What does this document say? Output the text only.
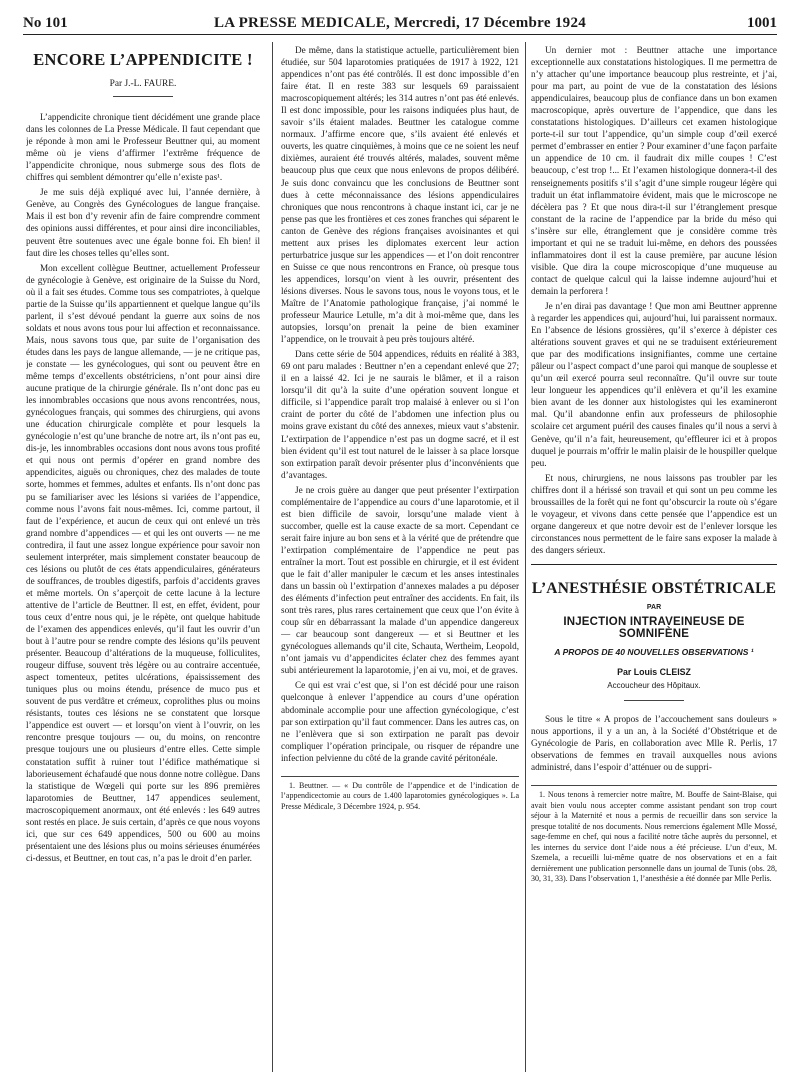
No 101	LA PRESSE MEDICALE, Mercredi, 17 Décembre 1924	1001

ENCORE L’APPENDICITE !

Par J.-L. FAURE.

L’appendicite chronique tient décidément une grande place dans les colonnes de La Presse Médicale. Il faut cependant que je réponde à mon ami le Professeur Beuttner qui, au moment même où je viens d’affirmer l’extrême fréquence de l’appendicite chronique, nous submerge sous des flots de chiffres qui semblent démontrer qu’elle n’existe pas¹.

Je me suis déjà expliqué avec lui, l’année dernière, à Genève, au Congrès des Gynécologues de langue française. Mais il est bon d’y revenir afin de faire comprendre comment des opinions aussi différentes, et pour ainsi dire inconciliables, peuvent être soutenues avec une égale bonne foi. Eh bien! il faut dire les choses telles qu’elles sont.

Mon excellent collègue Beuttner, actuellement Professeur de gynécologie à Genève, est originaire de la Suisse du Nord, où il a fait ses études. Comme tous ses compatriotes, à quelque partie de la Suisse qu’ils appartiennent et quelque langue qu’ils parlent, il s’est dévoué pendant la guerre aux soins de nos soldats et nous avons tous pour lui affection et reconnaissance. Mais, nous savons tous que, par suite de l’organisation des études dans les pays de langue allemande, — je ne critique pas, je constate — les gynécologues, qui sont ou peuvent être en même temps d’excellents obstétriciens, n’ont pour ainsi dire aucune pratique de la chirurgie générale. Ils n’ont donc pas eu les innombrables occasions que nous avons rencontrées, nous, gynécologues français, qui sommes des chirurgiens, qui avons une éducation chirurgicale complète et pour lesquels la gynécologie n’est qu’une branche de notre art, ils n’ont pas eu, dis-je, les innombrables occasions dont nous avons tous profité et qui nous ont permis d’opérer en grand nombre des appendicites, aiguës ou chroniques, chez des malades de toute sorte, hommes et femmes, adultes et enfants. Ils n’ont donc pas pu se familiariser avec les lésions si variées de l’appendice, comme nous l’avons fait nous-mêmes. Ici, comme partout, il faut de l’expérience, et aucun de ceux qui ont enlevé un très grand nombre d’appendices — et qui les ont ouverts — ne me contredira, il faut une assez longue expérience pour savoir non seulement interpréter, mais simplement constater beaucoup de ces lésions ou plutôt de ces états appendiculaires, générateurs de souffrances, de troubles digestifs, parfois d’accidents graves et même mortels. On s’aperçoit de cette lacune à la lecture attentive de l’article de Beuttner. Il est, en effet, évident, pour tous ceux d’entre nous qui, je le répète, ont quelque habitude de l’examen des appendices enlevés, qu’il faut les ouvrir d’un bout à l’autre pour se rendre compte des lésions qu’ils peuvent présenter. Beaucoup d’altérations de la muqueuse, folliculites, rougeur diffuse, souvent très légère ou au contraire accentuée, aspect tomenteux, petites ulcérations, épaississement des tuniques plus ou moins étendu, présence de muco pus et souvent de pus verdâtre et crémeux, coprolithes plus ou moins résistants, toutes ces lésions ne se constatent que lorsque l’appendice est ouvert — et lorsqu’on vient à l’ouvrir, on les rencontre presque toujours — ou, du moins, on rencontre presque toujours une ou plusieurs d’entre elles. Cette simple constatation suffit à ruiner tout l’édifice mathématique si laborieusement échafaudé que nous donne notre collègue. Dans la statistique de Wœgeli qui porte sur les 896 premières laparotomies de Beuttner, 147 appendices seulement, macroscopiquement anormaux, ont été enlevés : les 649 autres sont restés en place. Je suis certain, d’après ce que nous voyons ici, que sur ces 649 appendices, 500 ou 600 au moins présentaient une des lésions plus ou moins sérieuses énumérées ci-dessus, et Beuttner, en tout cas, n’a pas le droit d’en parler.

De même, dans la statistique actuelle, particulièrement bien étudiée, sur 504 laparotomies pratiquées de 1917 à 1922, 121 appendices n’ont pas été contrôlés. Il est donc impossible d’en faire état. Il en reste 383 sur lesquels 69 paraissaient macroscopiquement altérés; les 314 autres n’ont pas été enlevés. Il est donc impossible, pour les raisons indiquées plus haut, de savoir s’ils étaient malades. Beuttner les catalogue comme normaux. J’affirme encore que, s’ils avaient été enlevés et ouverts, les quatre cinquièmes, à moins que ce ne soient les neuf dixièmes, auraient été trouvés altérés, malades, souvent même beaucoup plus que ceux que nous enlevons de propos délibéré. Je suis donc convaincu que les conclusions de Beuttner sont dues à cette méconnaissance des lésions appendiculaires chroniques que nous rencontrons à chaque instant ici, car je ne pense pas que les frontières et ces zones franches qui séparent le canton de Genève des régions françaises avoisinantes et qui mettent aux prises les diplomates exercent leur action perturbatrice jusque sur les appendices — et l’on doit rencontrer en Suisse ce que nous rencontrons en France, où presque tous les appendices, lorsqu’on vient à les ouvrir, présentent des lésions diverses. Nous le savons tous, nous le voyons tous, et le Maître de l’Anatomie pathologique française, j’ai nommé le professeur Maurice Letulle, m’a dit à moi-même que, dans les autopsies, lorsqu’on prenait la peine de bien examiner l’appendice, on le trouvait à peu près toujours altéré.

Dans cette série de 504 appendices, réduits en réalité à 383, 69 ont paru malades : Beuttner n’en a cependant enlevé que 27; il en a laissé 42. Ici je ne saurais le blâmer, et il a raison lorsqu’il dit qu’à la suite d’une opération souvent longue et difficile, si l’appendice paraît trop malaisé à enlever ou si l’on craint de porter du côté de l’abdomen une infection plus ou moins grave existant du côté des annexes, mieux vaut s’abstenir. L’extirpation de l’appendice n’est pas un dogme sacré, et il est bien évident qu’il est tout naturel de le laisser à sa place lorsque son extirpation paraît devoir présenter plus d’inconvénients que d’avantages.

Je ne crois guère au danger que peut présenter l’extirpation complémentaire de l’appendice au cours d’une laparotomie, et il est bien difficile de savoir, lorsqu’une malade vient à succomber, quelle est la cause exacte de sa mort. Cependant ce serait faire injure au bon sens et à la vérité que de prétendre que l’extirpation complémentaire de l’appendice ne peut pas entraîner la mort. Tout est possible en chirurgie, et il est évident que le fait d’aller manipuler le cæcum et les anses intestinales dans un bassin où l’extirpation d’annexes malades a pu déposer des éléments d’infection peut entraîner des accidents. En fait, ils sont très rares, plus rares certainement que ceux que l’on évite à coup sûr en débarrassant la malade d’un appendice dangereux — car beaucoup sont dangereux — et si Beuttner et les gynécologues allemands qu’il cite, Schauta, Wertheim, Leopold, n’ont jamais vu d’appendicites éclater chez des femmes ayant subi antérieurement la laparotomie, j’en ai vu, moi, et de graves.

Ce qui est vrai c’est que, si l’on est décidé pour une raison quelconque à enlever l’appendice au cours d’une opération abdominale accomplie pour une affection gynécologique, c’est par son extirpation qu’il faut commencer. Dans les autres cas, on ne l’enlèvera que si son extirpation ne paraît pas devoir compliquer l’opération principale, ou risquer de répandre une infection pelvienne du côté de la grande cavité péritonéale.

1. Beuttner. — « Du contrôle de l’appendice et de l’indication de l’appendicectomie au cours de 1.400 laparotomies gynécologiques ». La Presse Médicale, 3 Décembre 1924, p. 954.

Un dernier mot : Beuttner attache une importance exceptionnelle aux constatations histologiques. Il me permettra de n’y attacher qu’une importance beaucoup plus restreinte, et j’ai, pour ma part, au point de vue de la constatation des lésions appendiculaires, beaucoup plus de confiance dans un bon examen macroscopique, après ouverture de l’appendice, que dans les constatations histologiques. D’ailleurs cet examen histologique porte-t-il sur tout l’appendice, qu’un simple coup d’œil exercé permet d’embrasser en entier ? Pour examiner d’une façon parfaite un appendice de 10 cm. il faudrait dix mille coupes ! C’est beaucoup, c’est trop !... Et l’examen histologique donnera-t-il des renseignements positifs s’il s’agit d’une simple rougeur légère qui traduit un état inflammatoire évident, mais que le microscope ne décèlera pas ? Et que nous dira-t-il sur l’étranglement presque constant de la racine de l’appendice par la bride du méso qui s’insère sur elle, étranglement que je considère comme très important et qui ne se traduit lui-même, en dehors des poussées inflammatoires dont il est la cause première, par aucune lésion visible. Que dira la coupe microscopique d’une muqueuse au contact de quelque calcul qui la laisse indemne aujourd’hui et demain la perforera !

Je n’en dirai pas davantage ! Que mon ami Beuttner apprenne à regarder les appendices qui, aujourd’hui, lui paraissent normaux. En l’absence de lésions grossières, qu’il s’exerce à dépister ces altérations souvent graves et qui ne se traduisent extérieurement que par des modifications insignifiantes, comme une certaine pâleur ou l’aspect compact d’une paroi qui manque de souplesse et qu’un œil exercé pourra seul reconnaître. Qu’il ouvre sur toute leur longueur les appendices qu’il enlèvera et qu’il les examine bien avant de les donner aux histologistes qui les examineront mal. Qu’il abandonne enfin aux professeurs de philosophie scolaire cet argument puéril des causes finales qu’il nous a servi à Genève, qu’il n’a fait, heureusement, qu’effleurer ici et à propos duquel je pourrais m’offrir le malin plaisir de le houspiller quelque peu.

Et nous, chirurgiens, ne nous laissons pas troubler par les chiffres dont il a hérissé son travail et qui sont un peu comme les broussailles de la forêt qui ne font qu’obscurcir la route où s’égare le voyageur, et vivons dans cette pensée que l’appendice est un organe dangereux et que notre devoir est de l’enlever lorsque les circonstances nous permettent de le faire sans exposer la malade à des dangers sérieux.

L’ANESTHÉSIE OBSTÉTRICALE

PAR

INJECTION INTRAVEINEUSE DE SOMNIFÈNE

A PROPOS DE 40 NOUVELLES OBSERVATIONS ¹

Par Louis CLEISZ

Accoucheur des Hôpitaux.

Sous le titre « A propos de l’accouchement sans douleurs » nous apportions, il y a un an, à la Société d’Obstétrique et de Gynécologie de Paris, en collaboration avec Mlle R. Perlis, 17 observations de femmes en travail auxquelles nous avions administré, dans l’espoir d’atténuer ou de suppri-

1. Nous tenons à remercier notre maître, M. Bouffe de Saint-Blaise, qui avait bien voulu nous accepter comme assistant pendant son trop court séjour à la Maternité et nous a permis de recueillir dans son service la presque totalité de nos documents. Nous remercions également Mlle Mossé, sage-femme en chef, qui nous a facilité notre tâche auprès du personnel, et les internes du service dont l’aide nous a été précieuse. L’un d’eux, M. Szemela, a recueilli lui-même quatre de nos observations et en a fait dernièrement une publication personnelle dans un journal de Tunis (obs. 28, 30, 31, 33). Dans l’observation 1, l’anesthésie a été donnée par Mlle Perlis.
